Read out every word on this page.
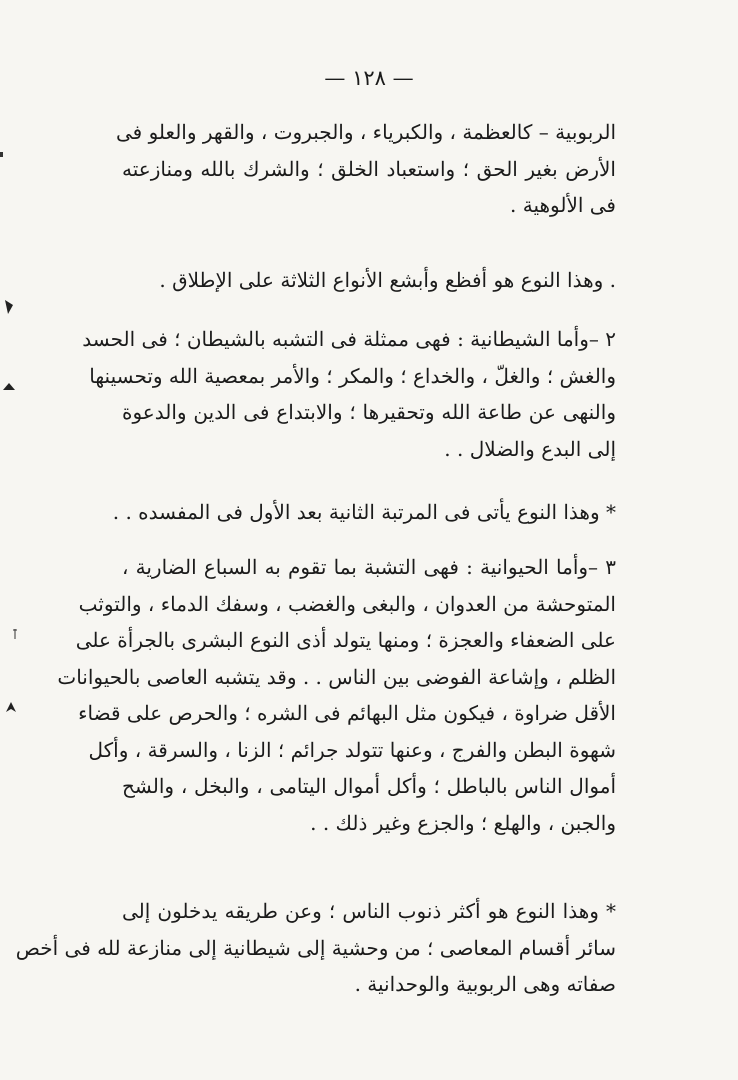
— ١٢٨ —
الربوبية – كالعظمة ، والكبرياء ، والجبروت ، والقهر والعلو فى
الأرض بغير الحق ؛ واستعباد الخلق ؛ والشرك بالله ومنازعته
فى الألوهية .
. وهذا النوع هو أفظع وأبشع الأنواع الثلاثة على الإطلاق .
٢ –وأما الشيطانية : فهى ممثلة فى التشبه بالشيطان ؛ فى الحسد
والغش ؛ والغلّ ، والخداع ؛ والمكر ؛ والأمر بمعصية الله وتحسينها
والنهى عن طاعة الله وتحقيرها ؛ والابتداع فى الدين والدعوة
إلى البدع والضلال . .
* وهذا النوع يأتى فى المرتبة الثانية بعد الأول فى المفسده . .
٣ –وأما الحيوانية : فهى التشبة بما تقوم به السباع الضارية ،
المتوحشة من العدوان ، والبغى والغضب ، وسفك الدماء ، والتوثب
على الضعفاء والعجزة ؛ ومنها يتولد أذى النوع البشرى بالجرأة على
الظلم ، وإشاعة الفوضى بين الناس . . وقد يتشبه العاصى بالحيوانات
الأقل ضراوة ، فيكون مثل البهائم فى الشره ؛ والحرص على قضاء
شهوة البطن والفرج ، وعنها تتولد جرائم ؛ الزنا ، والسرقة ، وأكل
أموال الناس بالباطل ؛ وأكل أموال اليتامى ، والبخل ، والشح
والجبن ، والهلع ؛ والجزع وغير ذلك . .
* وهذا النوع هو أكثر ذنوب الناس ؛ وعن طريقه يدخلون إلى
سائر أقسام المعاصى ؛ من وحشية إلى شيطانية إلى منازعة لله فى أخص
صفاته وهى الربوبية والوحدانية .
